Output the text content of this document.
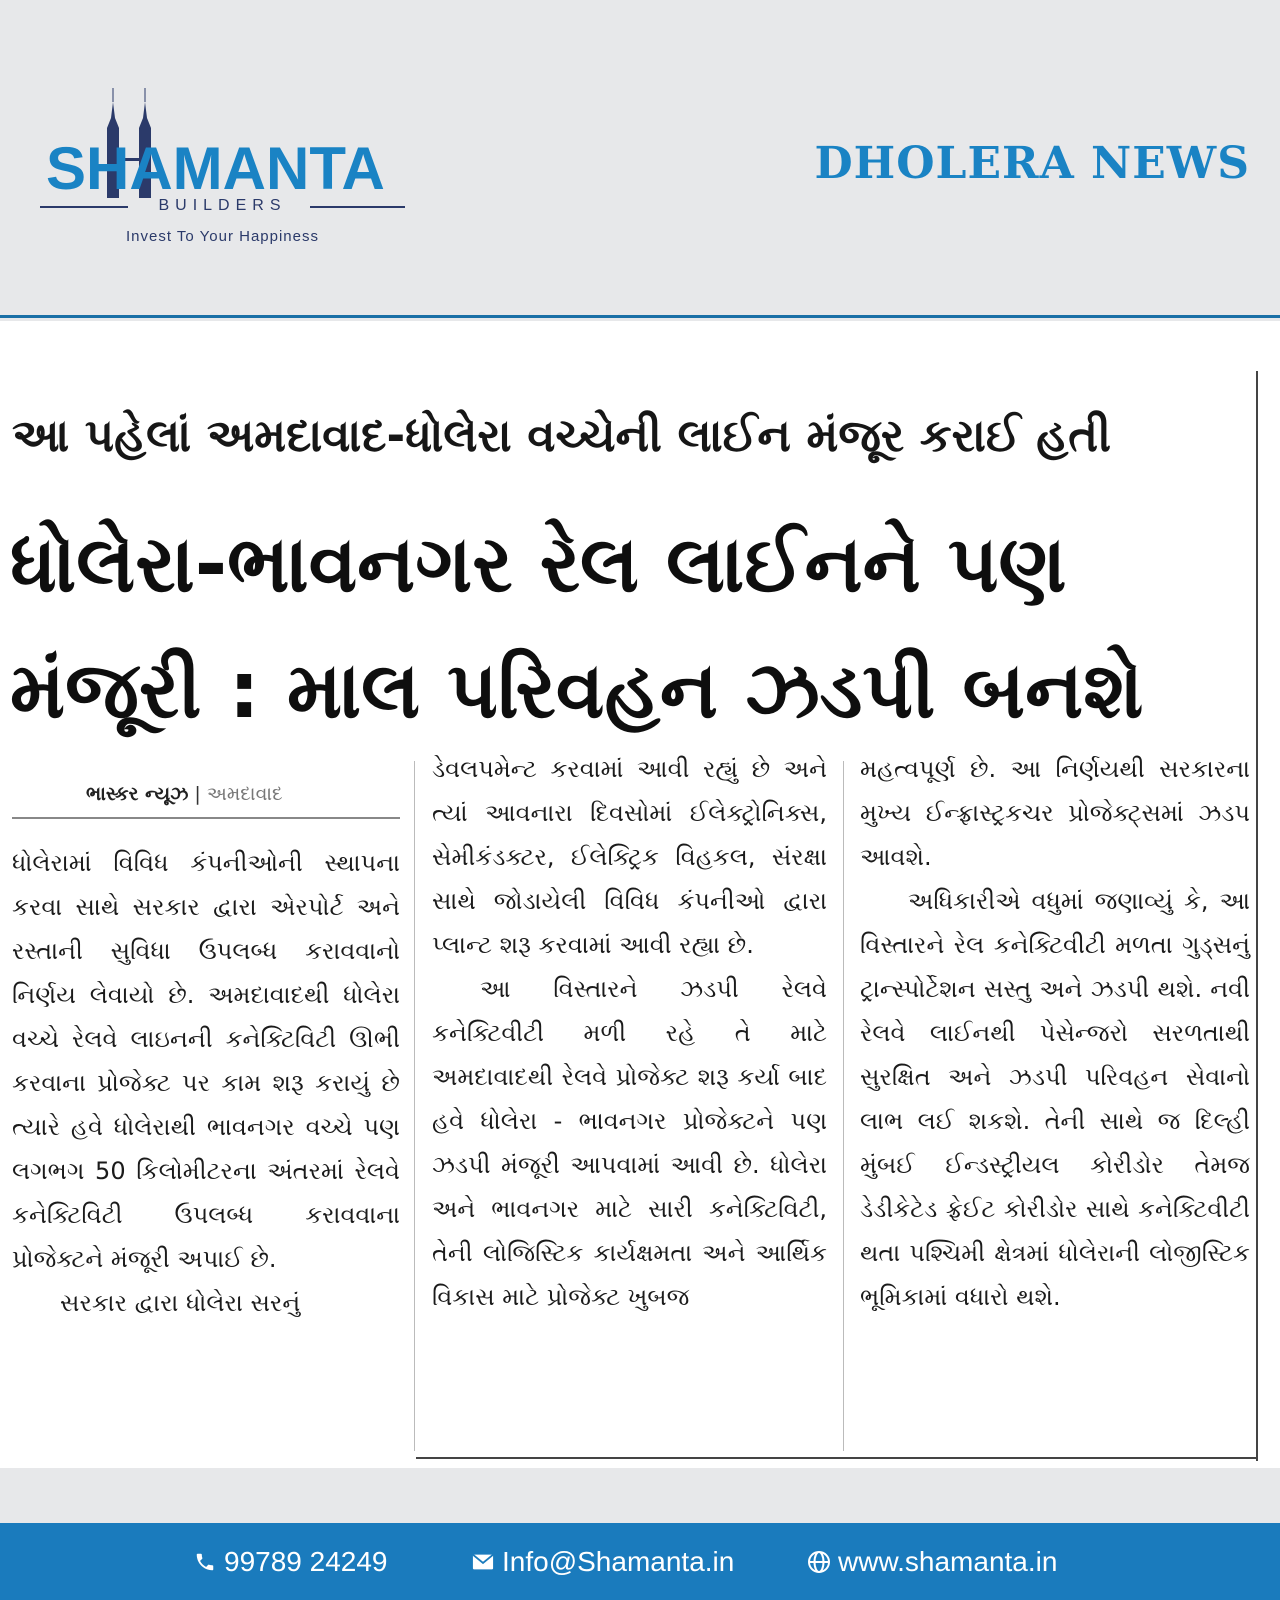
SHAMANTA
BUILDERS
Invest To Your Happiness
DHOLERA NEWS
આ પહેલાં અમદાવાદ-ધોલેરા વચ્ચેની લાઈન મંજૂર કરાઈ હતી
ધોલેરા-ભાવનગર રેલ લાઈનને પણ
મંજૂરી : માલ પરિવહન ઝડપી બનશે
ભાસ્કર ન્યૂઝ | અમદાવાદ

ધોલેરામાં વિવિધ કંપનીઓની સ્થાપના કરવા સાથે સરકાર દ્વારા એરપોર્ટ અને રસ્તાની સુવિધા ઉપલબ્ધ કરાવવાનો નિર્ણય લેવાયો છે. અમદાવાદથી ધોલેરા વચ્ચે રેલવે લાઇનની કનેક્ટિવિટી ઊભી કરવાના પ્રોજેક્ટ પર કામ શરૂ કરાયું છે ત્યારે હવે ધોલેરાથી ભાવનગર વચ્ચે પણ લગભગ 50 કિલોમીટરના અંતરમાં રેલવે કનેક્ટિવિટી ઉપલબ્ધ કરાવવાના પ્રોજેક્ટને મંજૂરી અપાઈ છે.

સરકાર દ્વારા ધોલેરા સરનું

ડેવલપમેન્ટ કરવામાં આવી રહ્યું છે અને ત્યાં આવનારા દિવસોમાં ઈલેક્ટ્રોનિક્સ, સેમીકંડક્ટર, ઈલેક્ટ્રિક વિહકલ, સંરક્ષા સાથે જોડાયેલી વિવિધ કંપનીઓ દ્વારા પ્લાન્ટ શરૂ કરવામાં આવી રહ્યા છે.

આ વિસ્તારને ઝડપી રેલવે કનેક્ટિવીટી મળી રહે તે માટે અમદાવાદથી રેલવે પ્રોજેક્ટ શરૂ કર્યા બાદ હવે ધોલેરા - ભાવનગર પ્રોજેક્ટને પણ ઝડપી મંજૂરી આપવામાં આવી છે. ધોલેરા અને ભાવનગર માટે સારી કનેક્ટિવિટી, તેની લોજિસ્ટિક કાર્યક્ષમતા અને આર્થિક વિકાસ માટે પ્રોજેક્ટ ખુબજ

મહત્વપૂર્ણ છે. આ નિર્ણયથી સરકારના મુખ્ય ઈન્ફ્રાસ્ટ્રકચર પ્રોજેક્ટ્સમાં ઝડપ આવશે.

અધિકારીએ વધુમાં જણાવ્યું કે, આ વિસ્તારને રેલ કનેક્ટિવીટી મળતા ગુડ્સનું ટ્રાન્સ્પોર્ટેશન સસ્તુ અને ઝડપી થશે. નવી રેલવે લાઈનથી પેસેન્જરો સરળતાથી સુરક્ષિત અને ઝડપી પરિવહન સેવાનો લાભ લઈ શકશે. તેની સાથે જ દિલ્હી મુંબઈ ઈન્ડસ્ટ્રીયલ કોરીડોર તેમજ ડેડીકેટેડ ફ્રેઈટ કોરીડોર સાથે કનેક્ટિવીટી થતા પશ્ચિમી ક્ષેત્રમાં ધોલેરાની લોજીસ્ટિક ભૂમિકામાં વધારો થશે.

99789 24249	Info@Shamanta.in	www.shamanta.in
